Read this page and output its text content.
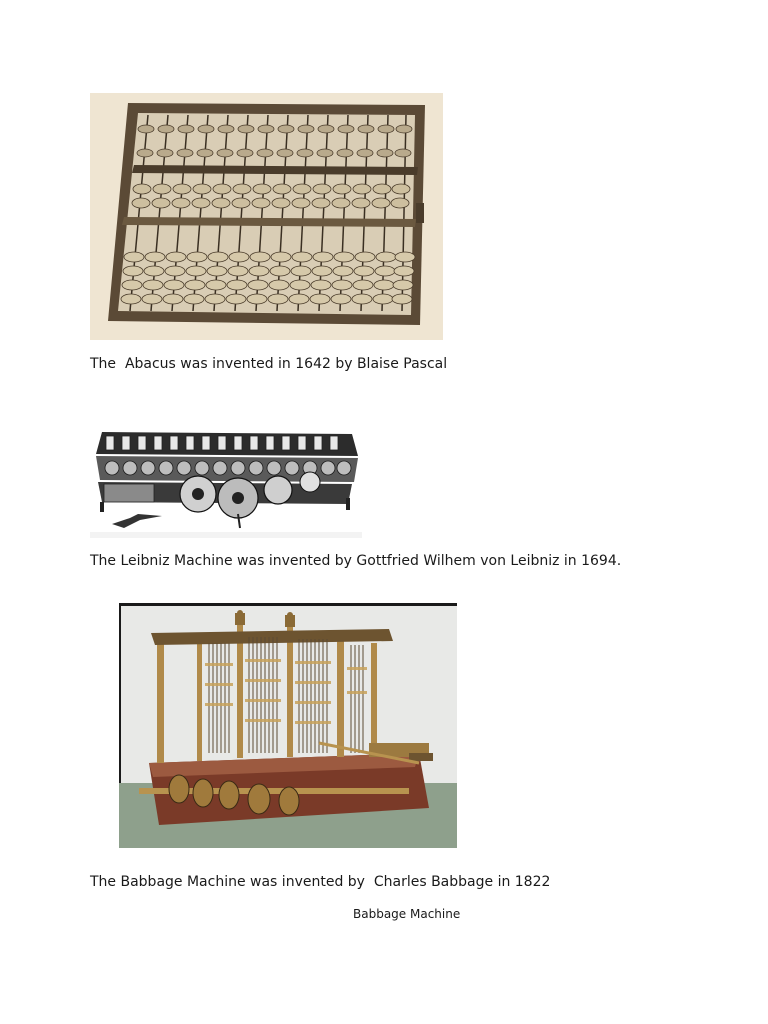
The  Abacus was invented in 1642 by Blaise Pascal
The Leibniz Machine was invented by Gottfried Wilhem von Leibniz in 1694.
The Babbage Machine was invented by  Charles Babbage in 1822
Babbage Machine
